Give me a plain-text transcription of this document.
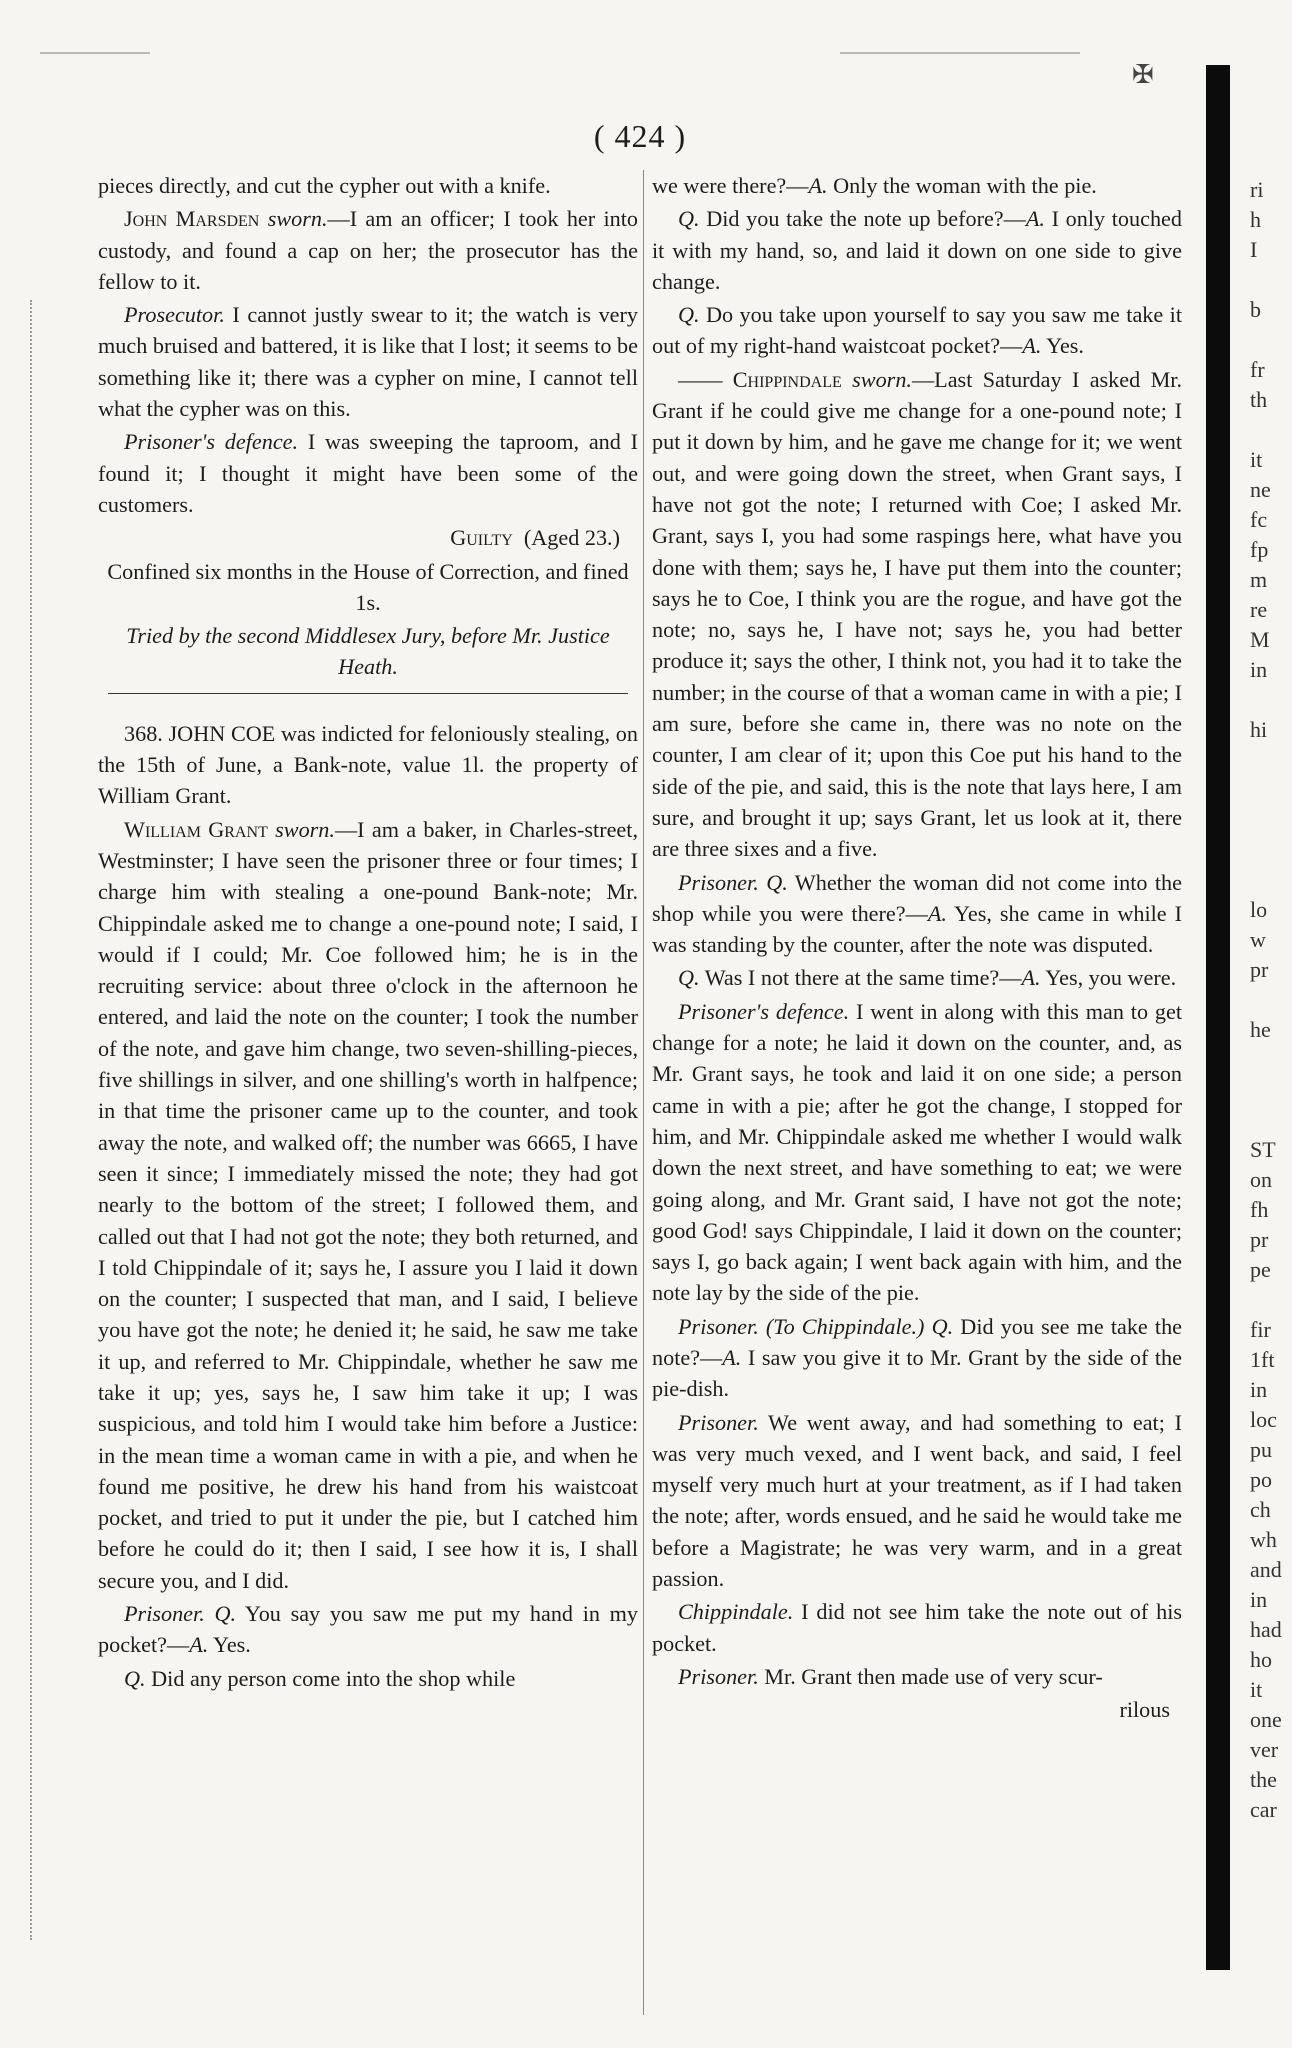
✠
( 424 )

pieces directly, and cut the cypher out with a knife.

John Marsden sworn.—I am an officer; I took her into custody, and found a cap on her; the prosecutor has the fellow to it.

Prosecutor. I cannot justly swear to it; the watch is very much bruised and battered, it is like that I lost; it seems to be something like it; there was a cypher on mine, I cannot tell what the cypher was on this.

Prisoner's defence. I was sweeping the taproom, and I found it; I thought it might have been some of the customers.

Guilty (Aged 23.)

Confined six months in the House of Correction, and fined 1s.

Tried by the second Middlesex Jury, before Mr. Justice Heath.

368. JOHN COE was indicted for feloniously stealing, on the 15th of June, a Bank-note, value 1l. the property of William Grant.

William Grant sworn.—I am a baker, in Charles-street, Westminster; I have seen the prisoner three or four times; I charge him with stealing a one-pound Bank-note; Mr. Chippindale asked me to change a one-pound note; I said, I would if I could; Mr. Coe followed him; he is in the recruiting service: about three o'clock in the afternoon he entered, and laid the note on the counter; I took the number of the note, and gave him change, two seven-shilling-pieces, five shillings in silver, and one shilling's worth in halfpence; in that time the prisoner came up to the counter, and took away the note, and walked off; the number was 6665, I have seen it since; I immediately missed the note; they had got nearly to the bottom of the street; I followed them, and called out that I had not got the note; they both returned, and I told Chippindale of it; says he, I assure you I laid it down on the counter; I suspected that man, and I said, I believe you have got the note; he denied it; he said, he saw me take it up, and referred to Mr. Chippindale, whether he saw me take it up; yes, says he, I saw him take it up; I was suspicious, and told him I would take him before a Justice: in the mean time a woman came in with a pie, and when he found me positive, he drew his hand from his waistcoat pocket, and tried to put it under the pie, but I catched him before he could do it; then I said, I see how it is, I shall secure you, and I did.

Prisoner. Q. You say you saw me put my hand in my pocket?—A. Yes.

Q. Did any person come into the shop while

we were there?—A. Only the woman with the pie.

Q. Did you take the note up before?—A. I only touched it with my hand, so, and laid it down on one side to give change.

Q. Do you take upon yourself to say you saw me take it out of my right-hand waistcoat pocket?—A. Yes.

—— Chippindale sworn.—Last Saturday I asked Mr. Grant if he could give me change for a one-pound note; I put it down by him, and he gave me change for it; we went out, and were going down the street, when Grant says, I have not got the note; I returned with Coe; I asked Mr. Grant, says I, you had some raspings here, what have you done with them; says he, I have put them into the counter; says he to Coe, I think you are the rogue, and have got the note; no, says he, I have not; says he, you had better produce it; says the other, I think not, you had it to take the number; in the course of that a woman came in with a pie; I am sure, before she came in, there was no note on the counter, I am clear of it; upon this Coe put his hand to the side of the pie, and said, this is the note that lays here, I am sure, and brought it up; says Grant, let us look at it, there are three sixes and a five.

Prisoner. Q. Whether the woman did not come into the shop while you were there?—A. Yes, she came in while I was standing by the counter, after the note was disputed.

Q. Was I not there at the same time?—A. Yes, you were.

Prisoner's defence. I went in along with this man to get change for a note; he laid it down on the counter, and, as Mr. Grant says, he took and laid it on one side; a person came in with a pie; after he got the change, I stopped for him, and Mr. Chippindale asked me whether I would walk down the next street, and have something to eat; we were going along, and Mr. Grant said, I have not got the note; good God! says Chippindale, I laid it down on the counter; says I, go back again; I went back again with him, and the note lay by the side of the pie.

Prisoner. (To Chippindale.) Q. Did you see me take the note?—A. I saw you give it to Mr. Grant by the side of the pie-dish.

Prisoner. We went away, and had something to eat; I was very much vexed, and I went back, and said, I feel myself very much hurt at your treatment, as if I had taken the note; after, words ensued, and he said he would take me before a Magistrate; he was very warm, and in a great passion.

Chippindale. I did not see him take the note out of his pocket.

Prisoner. Mr. Grant then made use of very scur-

rilous

ri
h
I
b
fr
th
it
ne
fc
fp
m
re
M
in
hi
lo
w
pr
he
ST
on
fh
pr
pe
fir
1ft
in
loc
pu
po
ch
wh
and
in
had
ho
it
one
ver
the
car
